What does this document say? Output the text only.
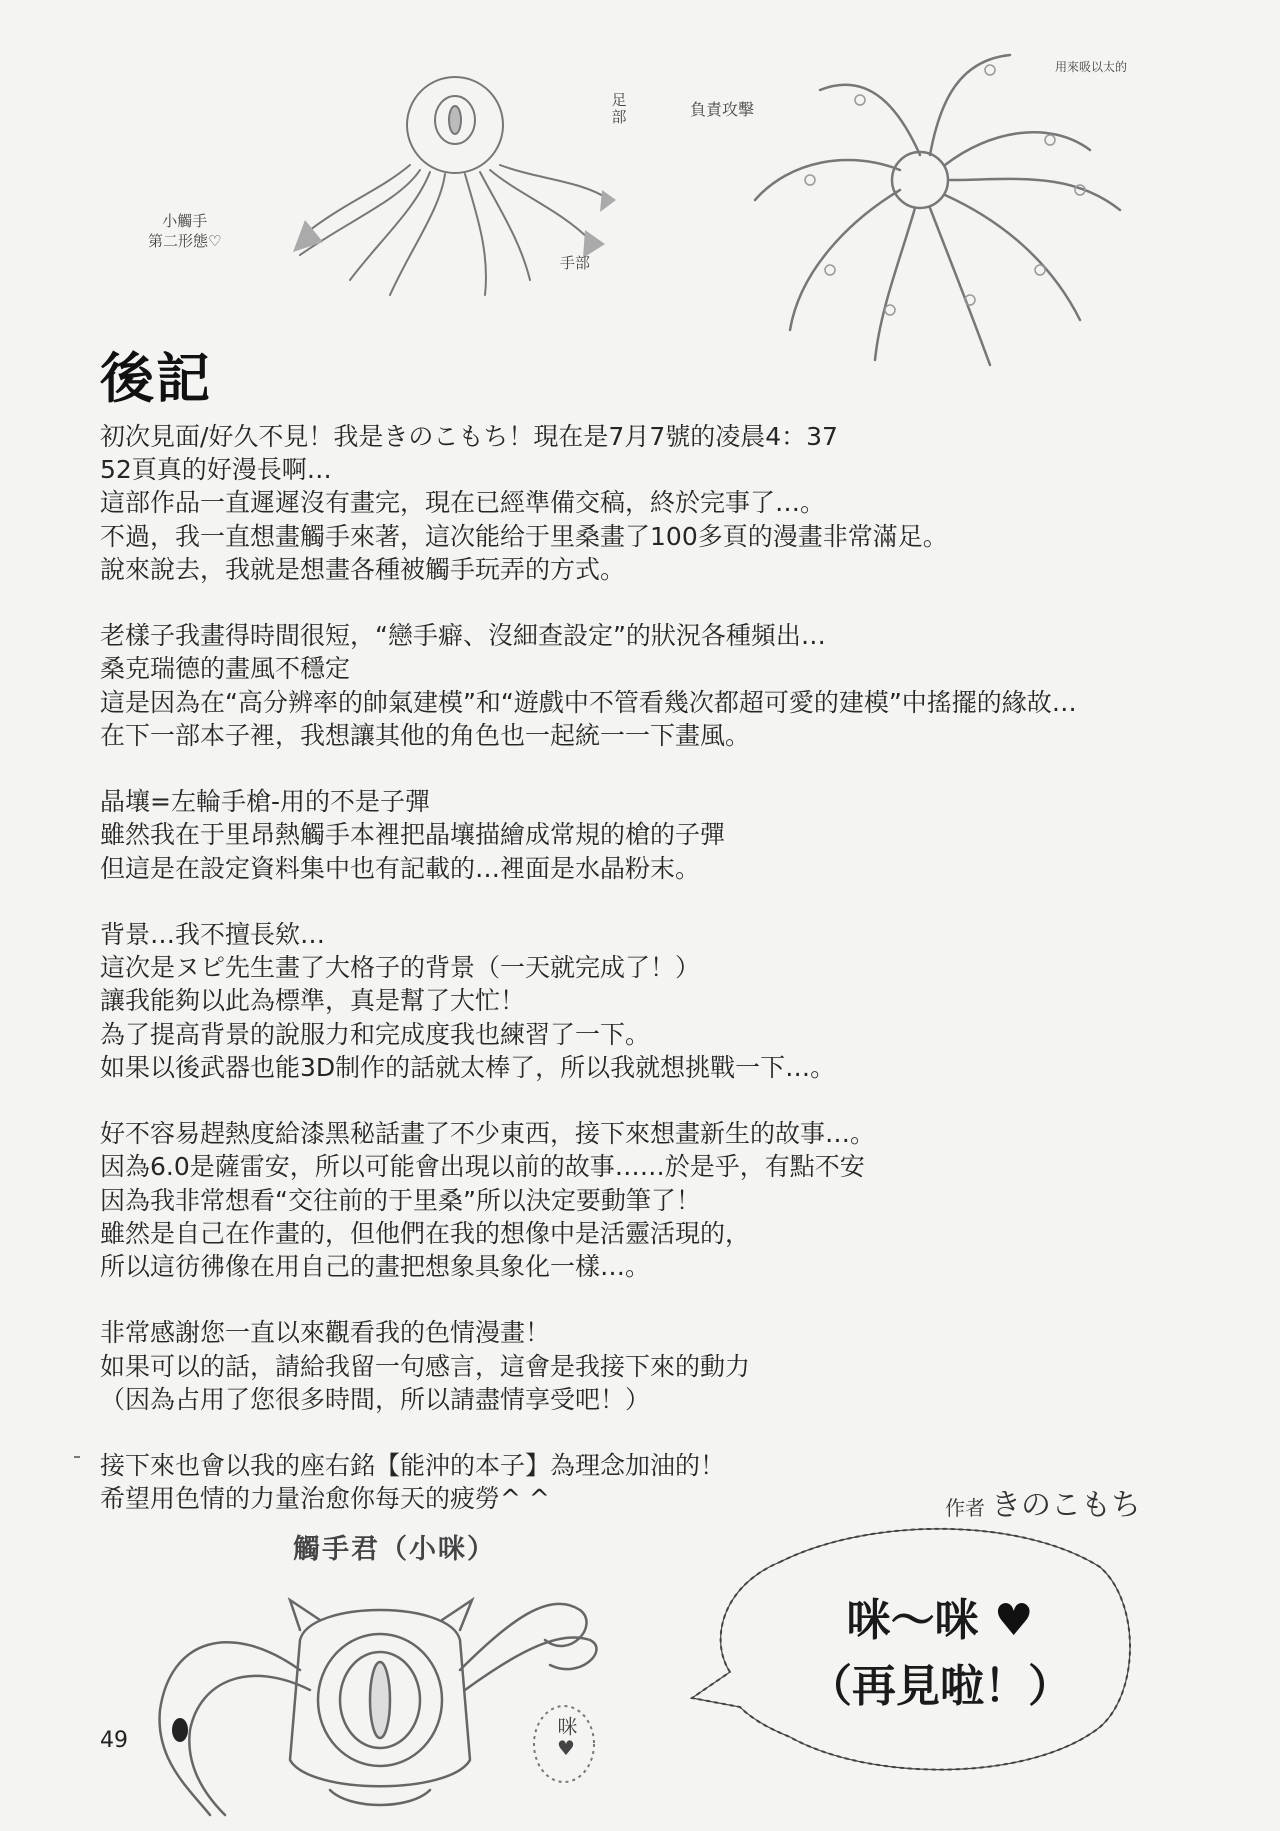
小觸手
第二形態♡
足部
手部
負責攻擊
用來吸以太的
後記
初次見面/好久不見！我是きのこもち！現在是7月7號的凌晨4：37
52頁真的好漫長啊…
這部作品一直遲遲沒有畫完，現在已經準備交稿，終於完事了…。
不過，我一直想畫觸手來著，這次能给于里桑畫了100多頁的漫畫非常滿足。
說來說去，我就是想畫各種被觸手玩弄的方式。
老樣子我畫得時間很短，“戀手癖、沒細查設定”的狀況各種頻出…
桑克瑞德的畫風不穩定
這是因為在“高分辨率的帥氣建模”和“遊戲中不管看幾次都超可愛的建模”中搖擺的緣故…
在下一部本子裡，我想讓其他的角色也一起統一一下畫風。
晶壤=左輪手槍-用的不是子彈
雖然我在于里昂熱觸手本裡把晶壤描繪成常規的槍的子彈
但這是在設定資料集中也有記載的…裡面是水晶粉末。
背景…我不擅長欸…
這次是ヌピ先生畫了大格子的背景（一天就完成了！）
讓我能夠以此為標準，真是幫了大忙！
為了提高背景的說服力和完成度我也練習了一下。
如果以後武器也能3D制作的話就太棒了，所以我就想挑戰一下…。
好不容易趕熱度給漆黑秘話畫了不少東西，接下來想畫新生的故事…。
因為6.0是薩雷安，所以可能會出現以前的故事……於是乎，有點不安
因為我非常想看“交往前的于里桑”所以決定要動筆了！
雖然是自己在作畫的，但他們在我的想像中是活靈活現的，
所以這彷彿像在用自己的畫把想象具象化一樣…。
非常感謝您一直以來觀看我的色情漫畫！
如果可以的話，請給我留一句感言，這會是我接下來的動力
（因為占用了您很多時間，所以請盡情享受吧！）
接下來也會以我的座右銘【能沖的本子】為理念加油的！
希望用色情的力量治愈你每天的疲勞^ ^	作者 きのこもち
觸手君（小咪）
咪～咪 ♥
（再見啦！）
咪♥
49
